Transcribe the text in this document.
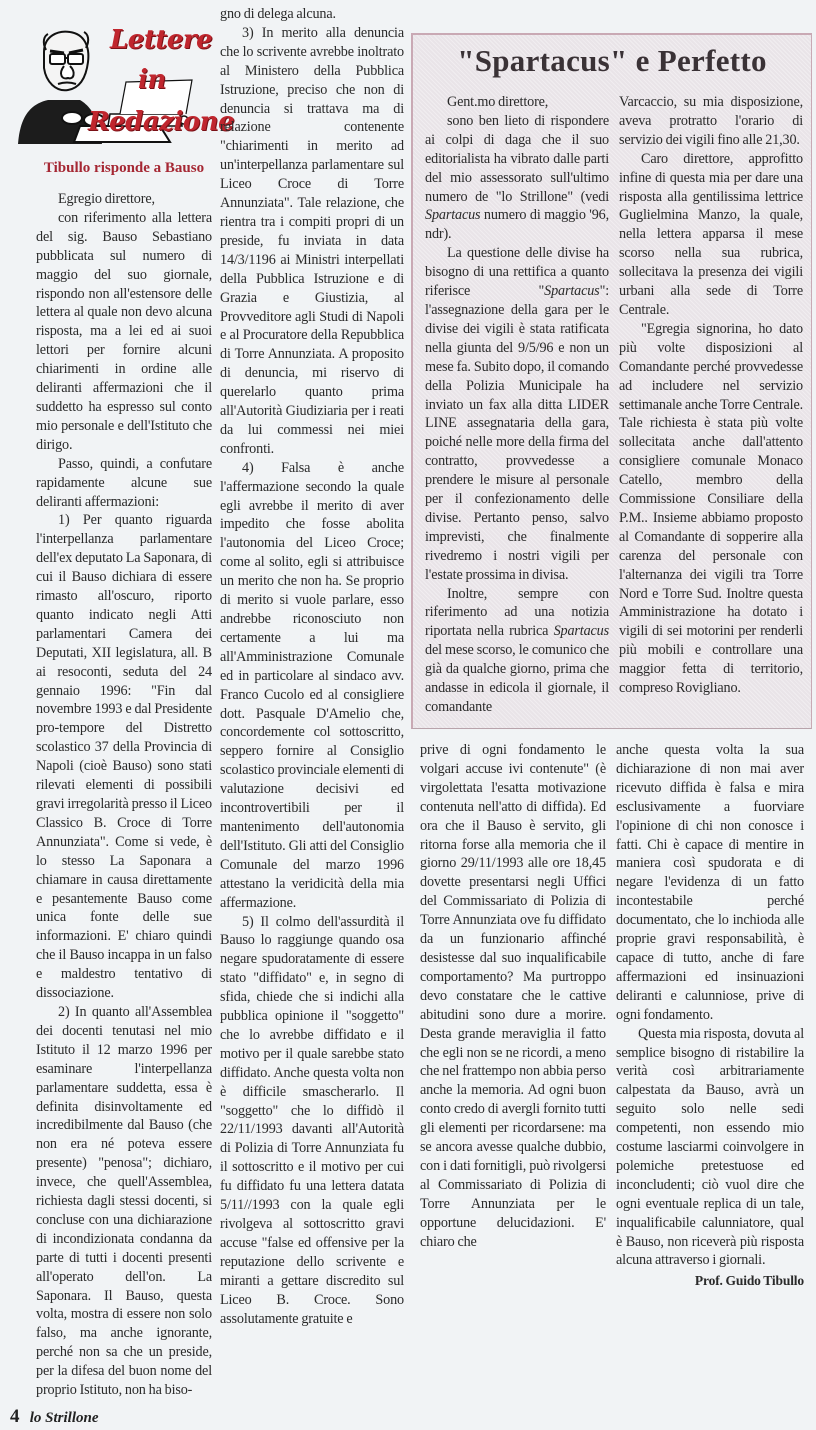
Lettere
in
Redazione
Tibullo risponde a Bauso

Egregio direttore,

con riferimento alla lettera del sig. Bauso Sebastiano pubblicata sul numero di maggio del suo giornale, rispondo non all'estensore delle lettera al quale non devo alcuna risposta, ma a lei ed ai suoi lettori per fornire alcuni chiarimenti in ordine alle deliranti affermazioni che il suddetto ha espresso sul conto mio personale e dell'Istituto che dirigo.

Passo, quindi, a confutare rapidamente alcune sue deliranti affermazioni:

1) Per quanto riguarda l'interpellanza parlamentare dell'ex deputato La Saponara, di cui il Bauso dichiara di essere rimasto all'oscuro, riporto quanto indicato negli Atti parlamentari Camera dei Deputati, XII legislatura, all. B ai resoconti, seduta del 24 gennaio 1996: "Fin dal novembre 1993 e dal Presidente pro-tempore del Distretto scolastico 37 della Provincia di Napoli (cioè Bauso) sono stati rilevati elementi di possibili gravi irregolarità presso il Liceo Classico B. Croce di Torre Annunziata". Come si vede, è lo stesso La Saponara a chiamare in causa direttamente e pesantemente Bauso come unica fonte delle sue informazioni. E' chiaro quindi che il Bauso incappa in un falso e maldestro tentativo di dissociazione.

2) In quanto all'Assemblea dei docenti tenutasi nel mio Istituto il 12 marzo 1996 per esaminare l'interpellanza parlamentare suddetta, essa è definita disinvoltamente ed incredibilmente dal Bauso (che non era né poteva essere presente) "penosa"; dichiaro, invece, che quell'Assemblea, richiesta dagli stessi docenti, si concluse con una dichiarazione di incondizionata condanna da parte di tutti i docenti presenti all'operato dell'on. La Saponara. Il Bauso, questa volta, mostra di essere non solo falso, ma anche ignorante, perché non sa che un preside, per la difesa del buon nome del proprio Istituto, non ha biso-

gno di delega alcuna.

3) In merito alla denuncia che lo scrivente avrebbe inoltrato al Ministero della Pubblica Istruzione, preciso che non di denuncia si trattava ma di relazione contenente "chiarimenti in merito ad un'interpellanza parlamentare sul Liceo Croce di Torre Annunziata". Tale relazione, che rientra tra i compiti propri di un preside, fu inviata in data 14/3/1196 ai Ministri interpellati della Pubblica Istruzione e di Grazia e Giustizia, al Provveditore agli Studi di Napoli e al Procuratore della Repubblica di Torre Annunziata. A proposito di denuncia, mi riservo di querelarlo quanto prima all'Autorità Giudiziaria per i reati da lui commessi nei miei confronti.

4) Falsa è anche l'affermazione secondo la quale egli avrebbe il merito di aver impedito che fosse abolita l'autonomia del Liceo Croce; come al solito, egli si attribuisce un merito che non ha. Se proprio di merito si vuole parlare, esso andrebbe riconosciuto non certamente a lui ma all'Amministrazione Comunale ed in particolare al sindaco avv. Franco Cucolo ed al consigliere dott. Pasquale D'Amelio che, concordemente col sottoscritto, seppero fornire al Consiglio scolastico provinciale elementi di valutazione decisivi ed incontrovertibili per il mantenimento dell'autonomia dell'Istituto. Gli atti del Consiglio Comunale del marzo 1996 attestano la veridicità della mia affermazione.

5) Il colmo dell'assurdità il Bauso lo raggiunge quando osa negare spudoratamente di essere stato "diffidato" e, in segno di sfida, chiede che si indichi alla pubblica opinione il "soggetto" che lo avrebbe diffidato e il motivo per il quale sarebbe stato diffidato. Anche questa volta non è difficile smascherarlo. Il "soggetto" che lo diffidò il 22/11/1993 davanti all'Autorità di Polizia di Torre Annunziata fu il sottoscritto e il motivo per cui fu diffidato fu una lettera datata 5/11//1993 con la quale egli rivolgeva al sottoscritto gravi accuse "false ed offensive per la reputazione dello scrivente e miranti a gettare discredito sul Liceo B. Croce. Sono assolutamente gratuite e

"Spartacus" e Perfetto

Gent.mo direttore,

sono ben lieto di rispondere ai colpi di daga che il suo editorialista ha vibrato dalle parti del mio assessorato sull'ultimo numero de "lo Strillone" (vedi Spartacus numero di maggio '96, ndr).

La questione delle divise ha bisogno di una rettifica a quanto riferisce "Spartacus": l'assegnazione della gara per le divise dei vigili è stata ratificata nella giunta del 9/5/96 e non un mese fa. Subito dopo, il comando della Polizia Municipale ha inviato un fax alla ditta LIDER LINE assegnataria della gara, poiché nelle more della firma del contratto, provvedesse a prendere le misure al personale per il confezionamento delle divise. Pertanto penso, salvo imprevisti, che finalmente rivedremo i nostri vigili per l'estate prossima in divisa.

Inoltre, sempre con riferimento ad una notizia riportata nella rubrica Spartacus del mese scorso, le comunico che già da qualche giorno, prima che andasse in edicola il giornale, il comandante

Varcaccio, su mia disposizione, aveva protratto l'orario di servizio dei vigili fino alle 21,30.

Caro direttore, approfitto infine di questa mia per dare una risposta alla gentilissima lettrice Guglielmina Manzo, la quale, nella lettera apparsa il mese scorso nella sua rubrica, sollecitava la presenza dei vigili urbani alla sede di Torre Centrale.

"Egregia signorina, ho dato più volte disposizioni al Comandante perché provvedesse ad includere nel servizio settimanale anche Torre Centrale. Tale richiesta è stata più volte sollecitata anche dall'attento consigliere comunale Monaco Catello, membro della Commissione Consiliare della P.M.. Insieme abbiamo proposto al Comandante di sopperire alla carenza del personale con l'alternanza dei vigili tra Torre Nord e Torre Sud. Inoltre questa Amministrazione ha dotato i vigili di sei motorini per renderli più mobili e controllare una maggior fetta di territorio, compreso Rovigliano.

prive di ogni fondamento le volgari accuse ivi contenute" (è virgolettata l'esatta motivazione contenuta nell'atto di diffida). Ed ora che il Bauso è servito, gli ritorna forse alla memoria che il giorno 29/11/1993 alle ore 18,45 dovette presentarsi negli Uffici del Commissariato di Polizia di Torre Annunziata ove fu diffidato da un funzionario affinché desistesse dal suo inqualificabile comportamento? Ma purtroppo devo constatare che le cattive abitudini sono dure a morire. Desta grande meraviglia il fatto che egli non se ne ricordi, a meno che nel frattempo non abbia perso anche la memoria. Ad ogni buon conto credo di avergli fornito tutti gli elementi per ricordarsene: ma se ancora avesse qualche dubbio, con i dati fornitigli, può rivolgersi al Commissariato di Polizia di Torre Annunziata per le opportune delucidazioni. E' chiaro che

anche questa volta la sua dichiarazione di non mai aver ricevuto diffida è falsa e mira esclusivamente a fuorviare l'opinione di chi non conosce i fatti. Chi è capace di mentire in maniera così spudorata e di negare l'evidenza di un fatto incontestabile perché documentato, che lo inchioda alle proprie gravi responsabilità, è capace di tutto, anche di fare affermazioni ed insinuazioni deliranti e calunniose, prive di ogni fondamento.

Questa mia risposta, dovuta al semplice bisogno di ristabilire la verità così arbitrariamente calpestata da Bauso, avrà un seguito solo nelle sedi competenti, non essendo mio costume lasciarmi coinvolgere in polemiche pretestuose ed inconcludenti; ciò vuol dire che ogni eventuale replica di un tale, inqualificabile calunniatore, qual è Bauso, non riceverà più risposta alcuna attraverso i giornali.

Prof. Guido Tibullo
4 lo Strillone
